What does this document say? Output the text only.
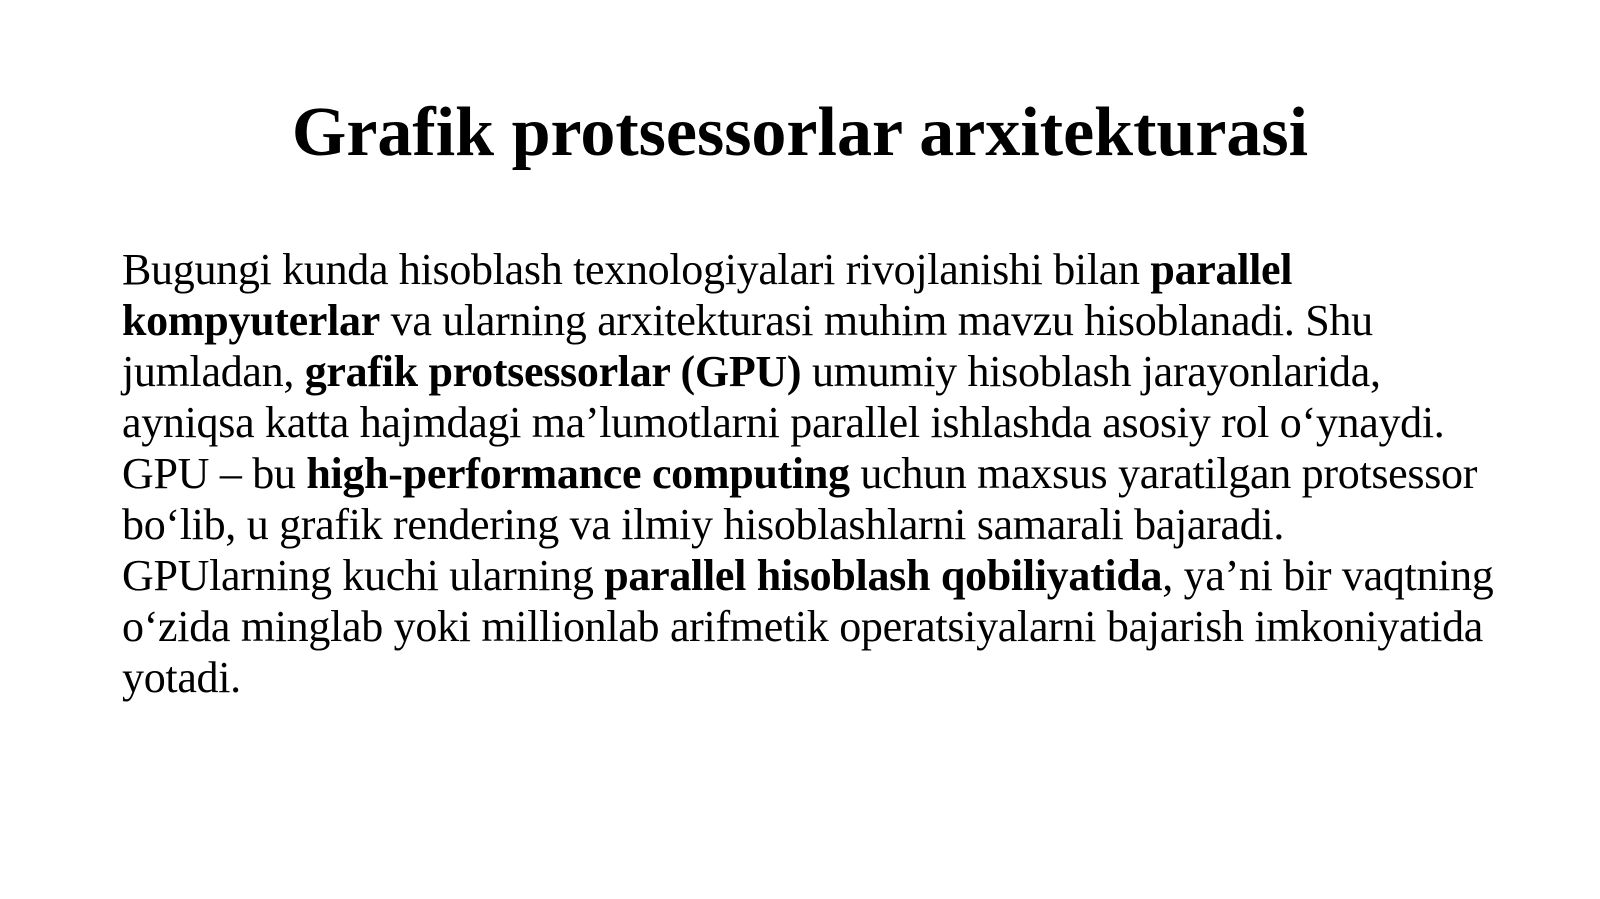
Grafik protsessorlar arxitekturasi

Bugungi kunda hisoblash texnologiyalari rivojlanishi bilan parallel kompyuterlar va ularning arxitekturasi muhim mavzu hisoblanadi. Shu jumladan, grafik protsessorlar (GPU) umumiy hisoblash jarayonlarida, ayniqsa katta hajmdagi ma’lumotlarni parallel ishlashda asosiy rol o‘ynaydi. GPU – bu high-performance computing uchun maxsus yaratilgan protsessor bo‘lib, u grafik rendering va ilmiy hisoblashlarni samarali bajaradi. GPUlarning kuchi ularning parallel hisoblash qobiliyatida, ya’ni bir vaqtning o‘zida minglab yoki millionlab arifmetik operatsiyalarni bajarish imkoniyatida yotadi.
